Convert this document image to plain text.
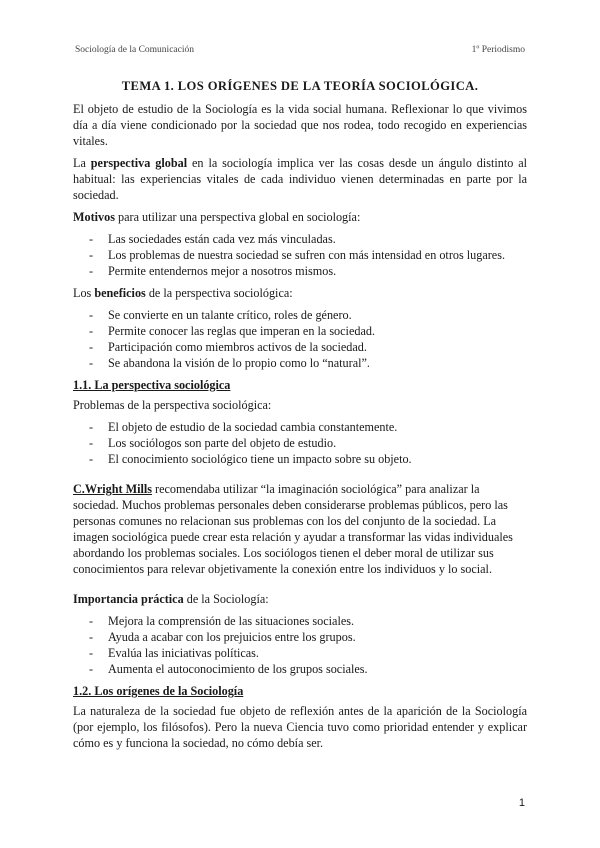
Sociología de la Comunicación	1º Periodismo
TEMA 1. LOS ORÍGENES DE LA TEORÍA SOCIOLÓGICA.

El objeto de estudio de la Sociología es la vida social humana. Reflexionar lo que vivimos día a día viene condicionado por la sociedad que nos rodea, todo recogido en experiencias vitales.

La perspectiva global en la sociología implica ver las cosas desde un ángulo distinto al habitual: las experiencias vitales de cada individuo vienen determinadas en parte por la sociedad.

Motivos para utilizar una perspectiva global en sociología:

- Las sociedades están cada vez más vinculadas.
- Los problemas de nuestra sociedad se sufren con más intensidad en otros lugares.
- Permite entendernos mejor a nosotros mismos.

Los beneficios de la perspectiva sociológica:

- Se convierte en un talante crítico, roles de género.
- Permite conocer las reglas que imperan en la sociedad.
- Participación como miembros activos de la sociedad.
- Se abandona la visión de lo propio como lo “natural”.
1.1. La perspectiva sociológica

Problemas de la perspectiva sociológica:

- El objeto de estudio de la sociedad cambia constantemente.
- Los sociólogos son parte del objeto de estudio.
- El conocimiento sociológico tiene un impacto sobre su objeto.

C.Wright Mills recomendaba utilizar “la imaginación sociológica” para analizar la sociedad. Muchos problemas personales deben considerarse problemas públicos, pero las personas comunes no relacionan sus problemas con los del conjunto de la sociedad. La imagen sociológica puede crear esta relación y ayudar a transformar las vidas individuales abordando los problemas sociales. Los sociólogos tienen el deber moral de utilizar sus conocimientos para relevar objetivamente la conexión entre los individuos y lo social.

Importancia práctica de la Sociología:

- Mejora la comprensión de las situaciones sociales.
- Ayuda a acabar con los prejuicios entre los grupos.
- Evalúa las iniciativas políticas.
- Aumenta el autoconocimiento de los grupos sociales.
1.2. Los orígenes de la Sociología

La naturaleza de la sociedad fue objeto de reflexión antes de la aparición de la Sociología (por ejemplo, los filósofos). Pero la nueva Ciencia tuvo como prioridad entender y explicar cómo es y funciona la sociedad, no cómo debía ser.

1
